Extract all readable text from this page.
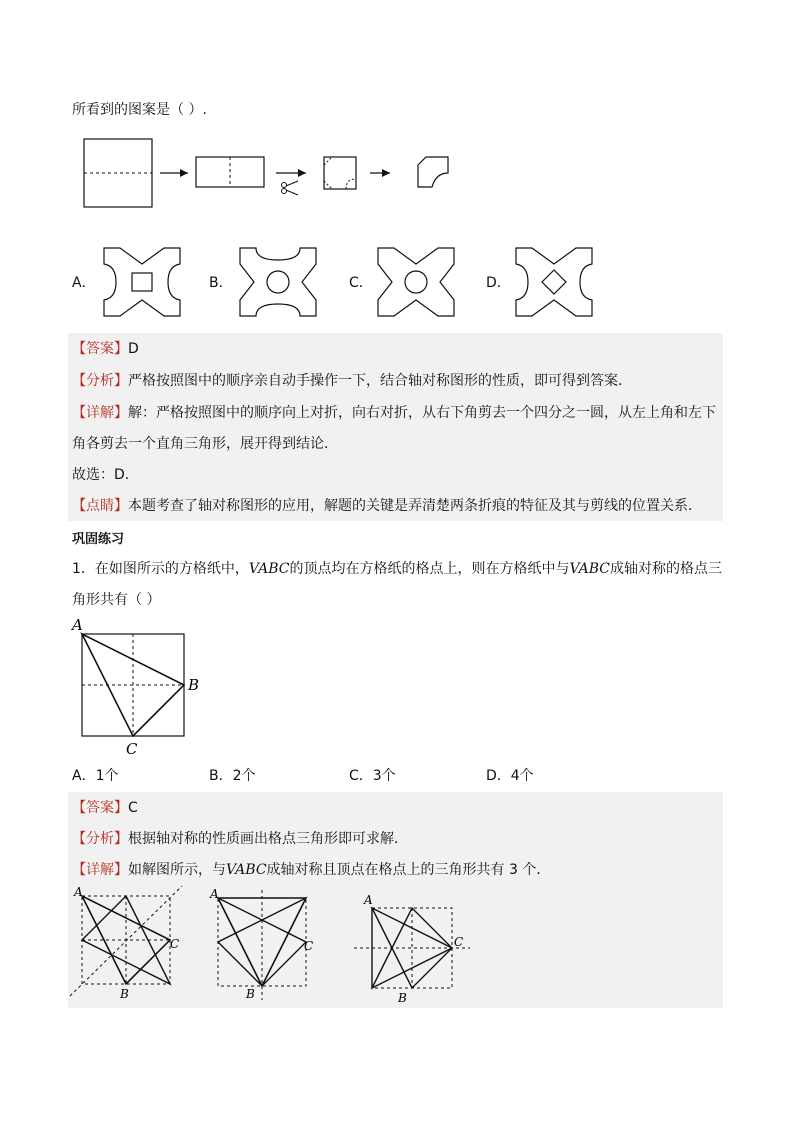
所看到的图案是（ ）.
A．	B．	C．	D．
【答案】D
【分析】严格按照图中的顺序亲自动手操作一下，结合轴对称图形的性质，即可得到答案．
【详解】解：严格按照图中的顺序向上对折，向右对折，从右下角剪去一个四分之一圆，从左上角和左下
角各剪去一个直角三角形，展开得到结论．
故选：D．
【点睛】本题考查了轴对称图形的应用，解题的关键是弄清楚两条折痕的特征及其与剪线的位置关系．
巩固练习
1．在如图所示的方格纸中，VABC的顶点均在方格纸的格点上，则在方格纸中与VABC成轴对称的格点三
角形共有（ ）
A
B
C
A．1个	B．2个	C．3个	D．4个
【答案】C
【分析】根据轴对称的性质画出格点三角形即可求解．
【详解】如解图所示，与VABC成轴对称且顶点在格点上的三角形共有 3 个．
A
C
B
A
C
B
A
C
B
